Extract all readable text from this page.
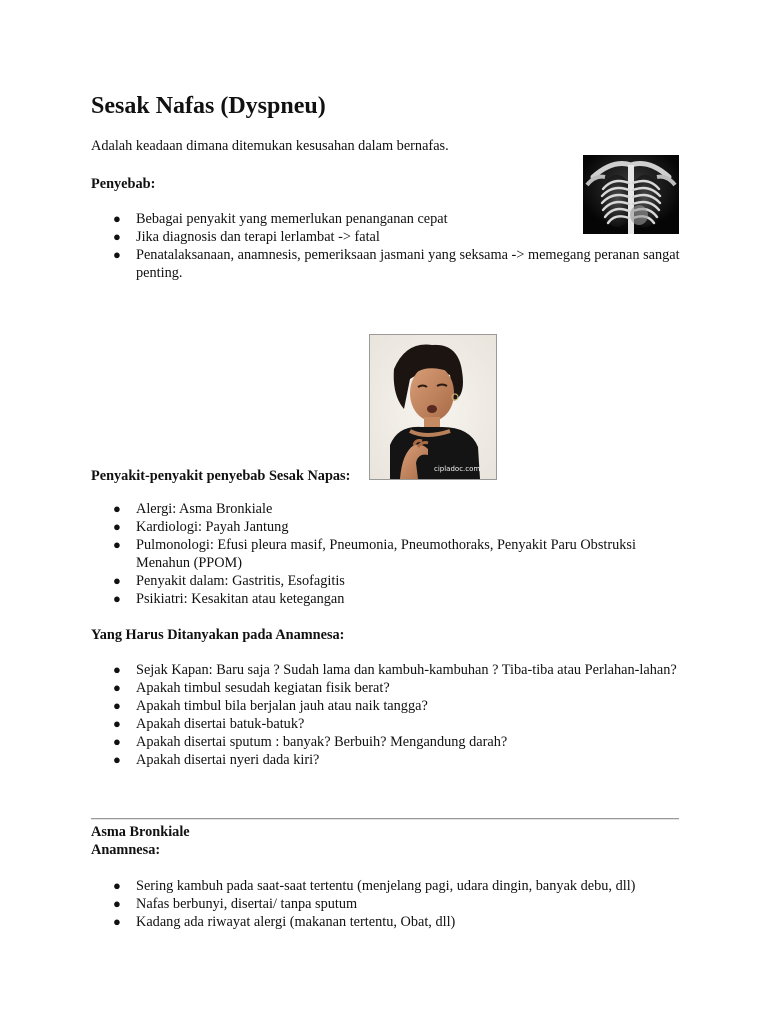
Sesak Nafas (Dyspneu)

Adalah keadaan dimana ditemukan kesusahan dalam bernafas.

Penyebab:

● Bebagai penyakit yang memerlukan penanganan cepat
● Jika diagnosis dan terapi lerlambat -> fatal
● Penatalaksanaan, anamnesis, pemeriksaan jasmani yang seksama -> memegang peranan sangat penting.
cipladoc.com

Penyakit-penyakit penyebab Sesak Napas:

● Alergi: Asma Bronkiale
● Kardiologi: Payah Jantung
● Pulmonologi: Efusi pleura masif, Pneumonia, Pneumothoraks, Penyakit Paru Obstruksi Menahun (PPOM)
● Penyakit dalam: Gastritis, Esofagitis
● Psikiatri: Kesakitan atau ketegangan

Yang Harus Ditanyakan pada Anamnesa:

● Sejak Kapan: Baru saja ? Sudah lama dan kambuh-kambuhan ? Tiba-tiba atau Perlahan-lahan?
● Apakah timbul sesudah kegiatan fisik berat?
● Apakah timbul bila berjalan jauh atau naik tangga?
● Apakah disertai batuk-batuk?
● Apakah disertai sputum : banyak? Berbuih? Mengandung darah?
● Apakah disertai nyeri dada kiri?

Asma Bronkiale

Anamnesa:

● Sering kambuh pada saat-saat tertentu (menjelang pagi, udara dingin, banyak debu, dll)
● Nafas berbunyi, disertai/ tanpa sputum
● Kadang ada riwayat alergi (makanan tertentu, Obat, dll)
